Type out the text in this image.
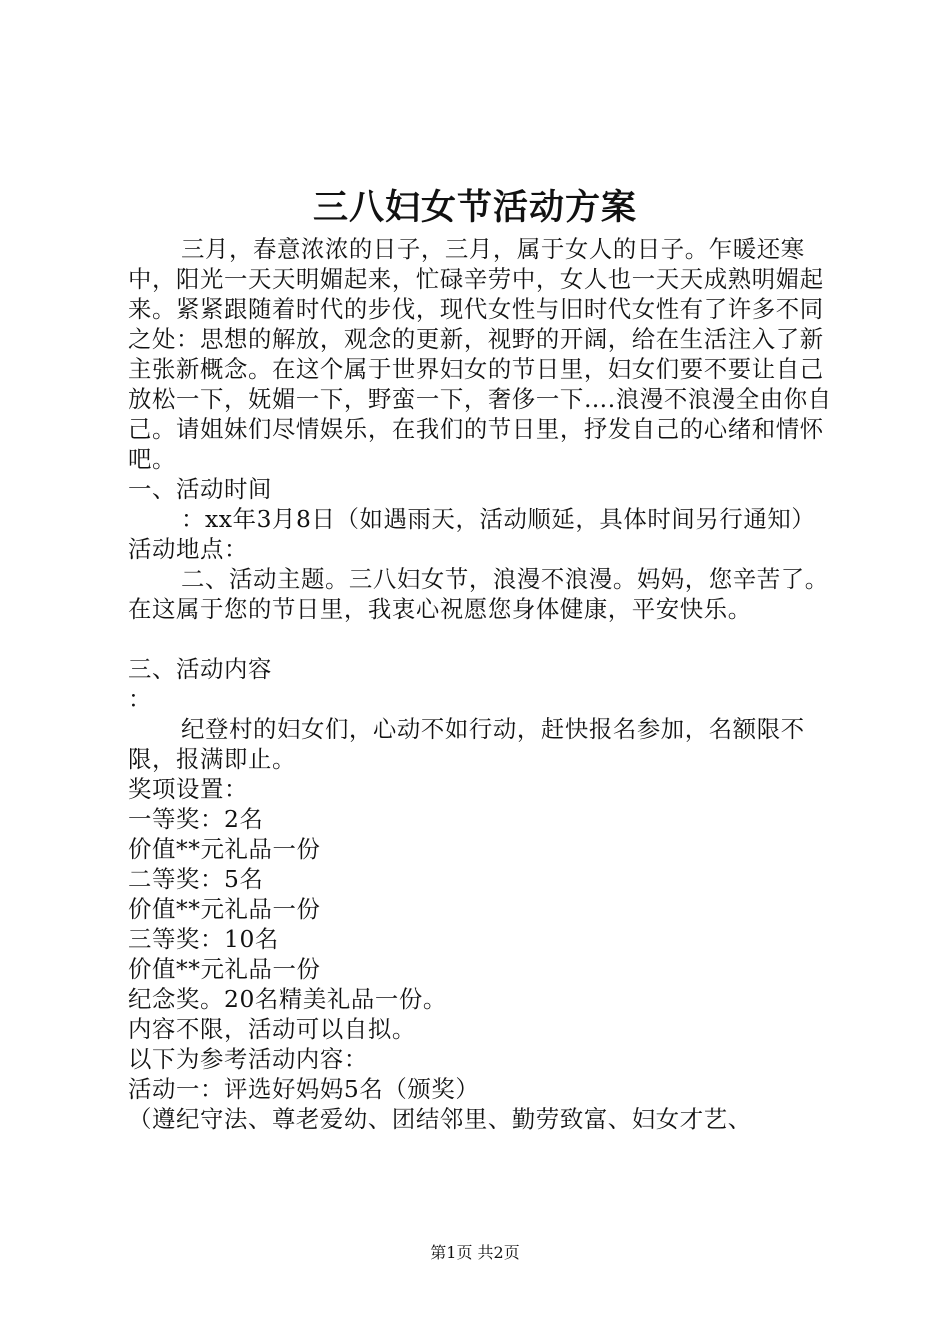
三八妇女节活动方案

三月，春意浓浓的日子，三月，属于女人的日子。乍暖还寒中，阳光一天天明媚起来，忙碌辛劳中，女人也一天天成熟明媚起来。紧紧跟随着时代的步伐，现代女性与旧时代女性有了许多不同之处：思想的解放，观念的更新，视野的开阔，给在生活注入了新主张新概念。在这个属于世界妇女的节日里，妇女们要不要让自己放松一下，妩媚一下，野蛮一下，奢侈一下….浪漫不浪漫全由你自己。请姐妹们尽情娱乐，在我们的节日里，抒发自己的心绪和情怀吧。

一、活动时间

：xx年3月8日（如遇雨天，活动顺延，具体时间另行通知）

活动地点：

二、活动主题。三八妇女节，浪漫不浪漫。妈妈，您辛苦了。在这属于您的节日里，我衷心祝愿您身体健康，平安快乐。

三、活动内容

：

纪登村的妇女们，心动不如行动，赶快报名参加，名额限不限，报满即止。

奖项设置：

一等奖：2名

价值**元礼品一份

二等奖：5名

价值**元礼品一份

三等奖：10名

价值**元礼品一份

纪念奖。20名精美礼品一份。

内容不限，活动可以自拟。

以下为参考活动内容：

活动一：评选好妈妈5名（颁奖）

（遵纪守法、尊老爱幼、团结邻里、勤劳致富、妇女才艺、

第1页 共2页
